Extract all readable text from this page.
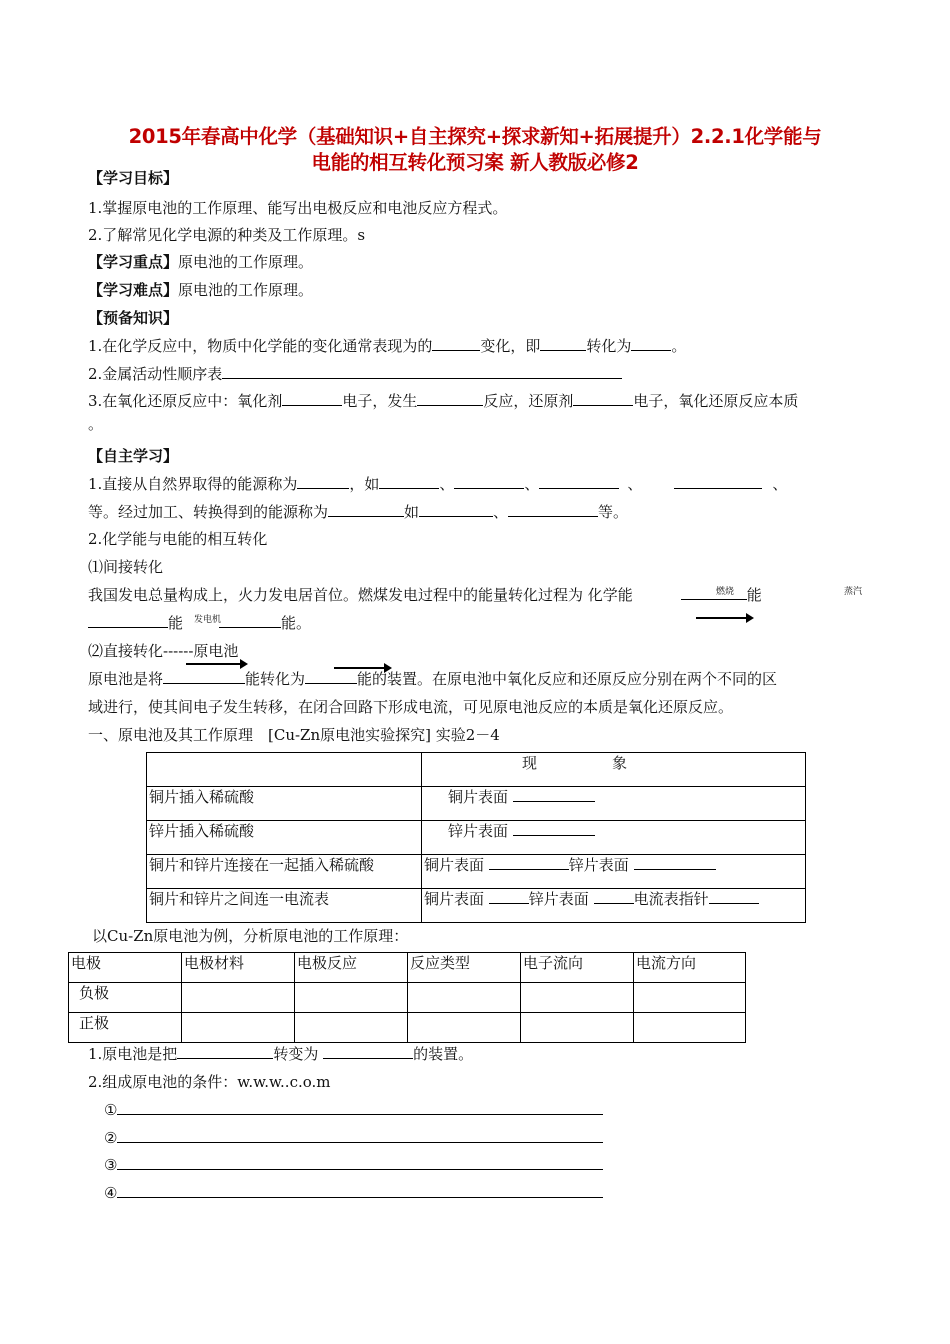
2015年春高中化学（基础知识+自主探究+探求新知+拓展提升）2.2.1化学能与
电能的相互转化预习案 新人教版必修2
【学习目标】
1.掌握原电池的工作原理、能写出电极反应和电池反应方程式。
2.了解常见化学电源的种类及工作原理。s
【学习重点】原电池的工作原理。
【学习难点】原电池的工作原理。
【预备知识】
1.在化学反应中，物质中化学能的变化通常表现为的	变化，即	转化为	。
2.金属活动性顺序表
3.在氧化还原反应中：氧化剂	电子，发生	反应，还原剂	电子，氧化还原反应本质
。
【自主学习】
1.直接从自然界取得的能源称为	，如	、	、	、	、
等。经过加工、转换得到的能源称为	如	、	等。
2.化学能与电能的相互转化
⑴间接转化
我国发电总量构成上，火力发电居首位。燃煤发电过程中的能量转化过程为 化学能	能
燃烧	蒸汽
能	能。
发电机
⑵直接转化------原电池
原电池是将	能转化为	能的装置。在原电池中氧化反应和还原反应分别在两个不同的区
域进行，使其间电子发生转移，在闭合回路下形成电流，可见原电池反应的本质是氧化还原反应。
一、原电池及其工作原理　[Cu-Zn原电池实验探究] 实验2－4
	现　　　　　象
铜片插入稀硫酸	铜片表面
锌片插入稀硫酸	锌片表面
铜片和锌片连接在一起插入稀硫酸	铜片表面 锌片表面
铜片和锌片之间连一电流表	铜片表面 锌片表面 电流表指针
以Cu-Zn原电池为例，分析原电池的工作原理：
电极	电极材料	电极反应	反应类型	电子流向	电流方向
负极					
正极					
1.原电池是把	转变为	的装置。
2.组成原电池的条件：w.w.w..c.o.m
①
②
③
④
